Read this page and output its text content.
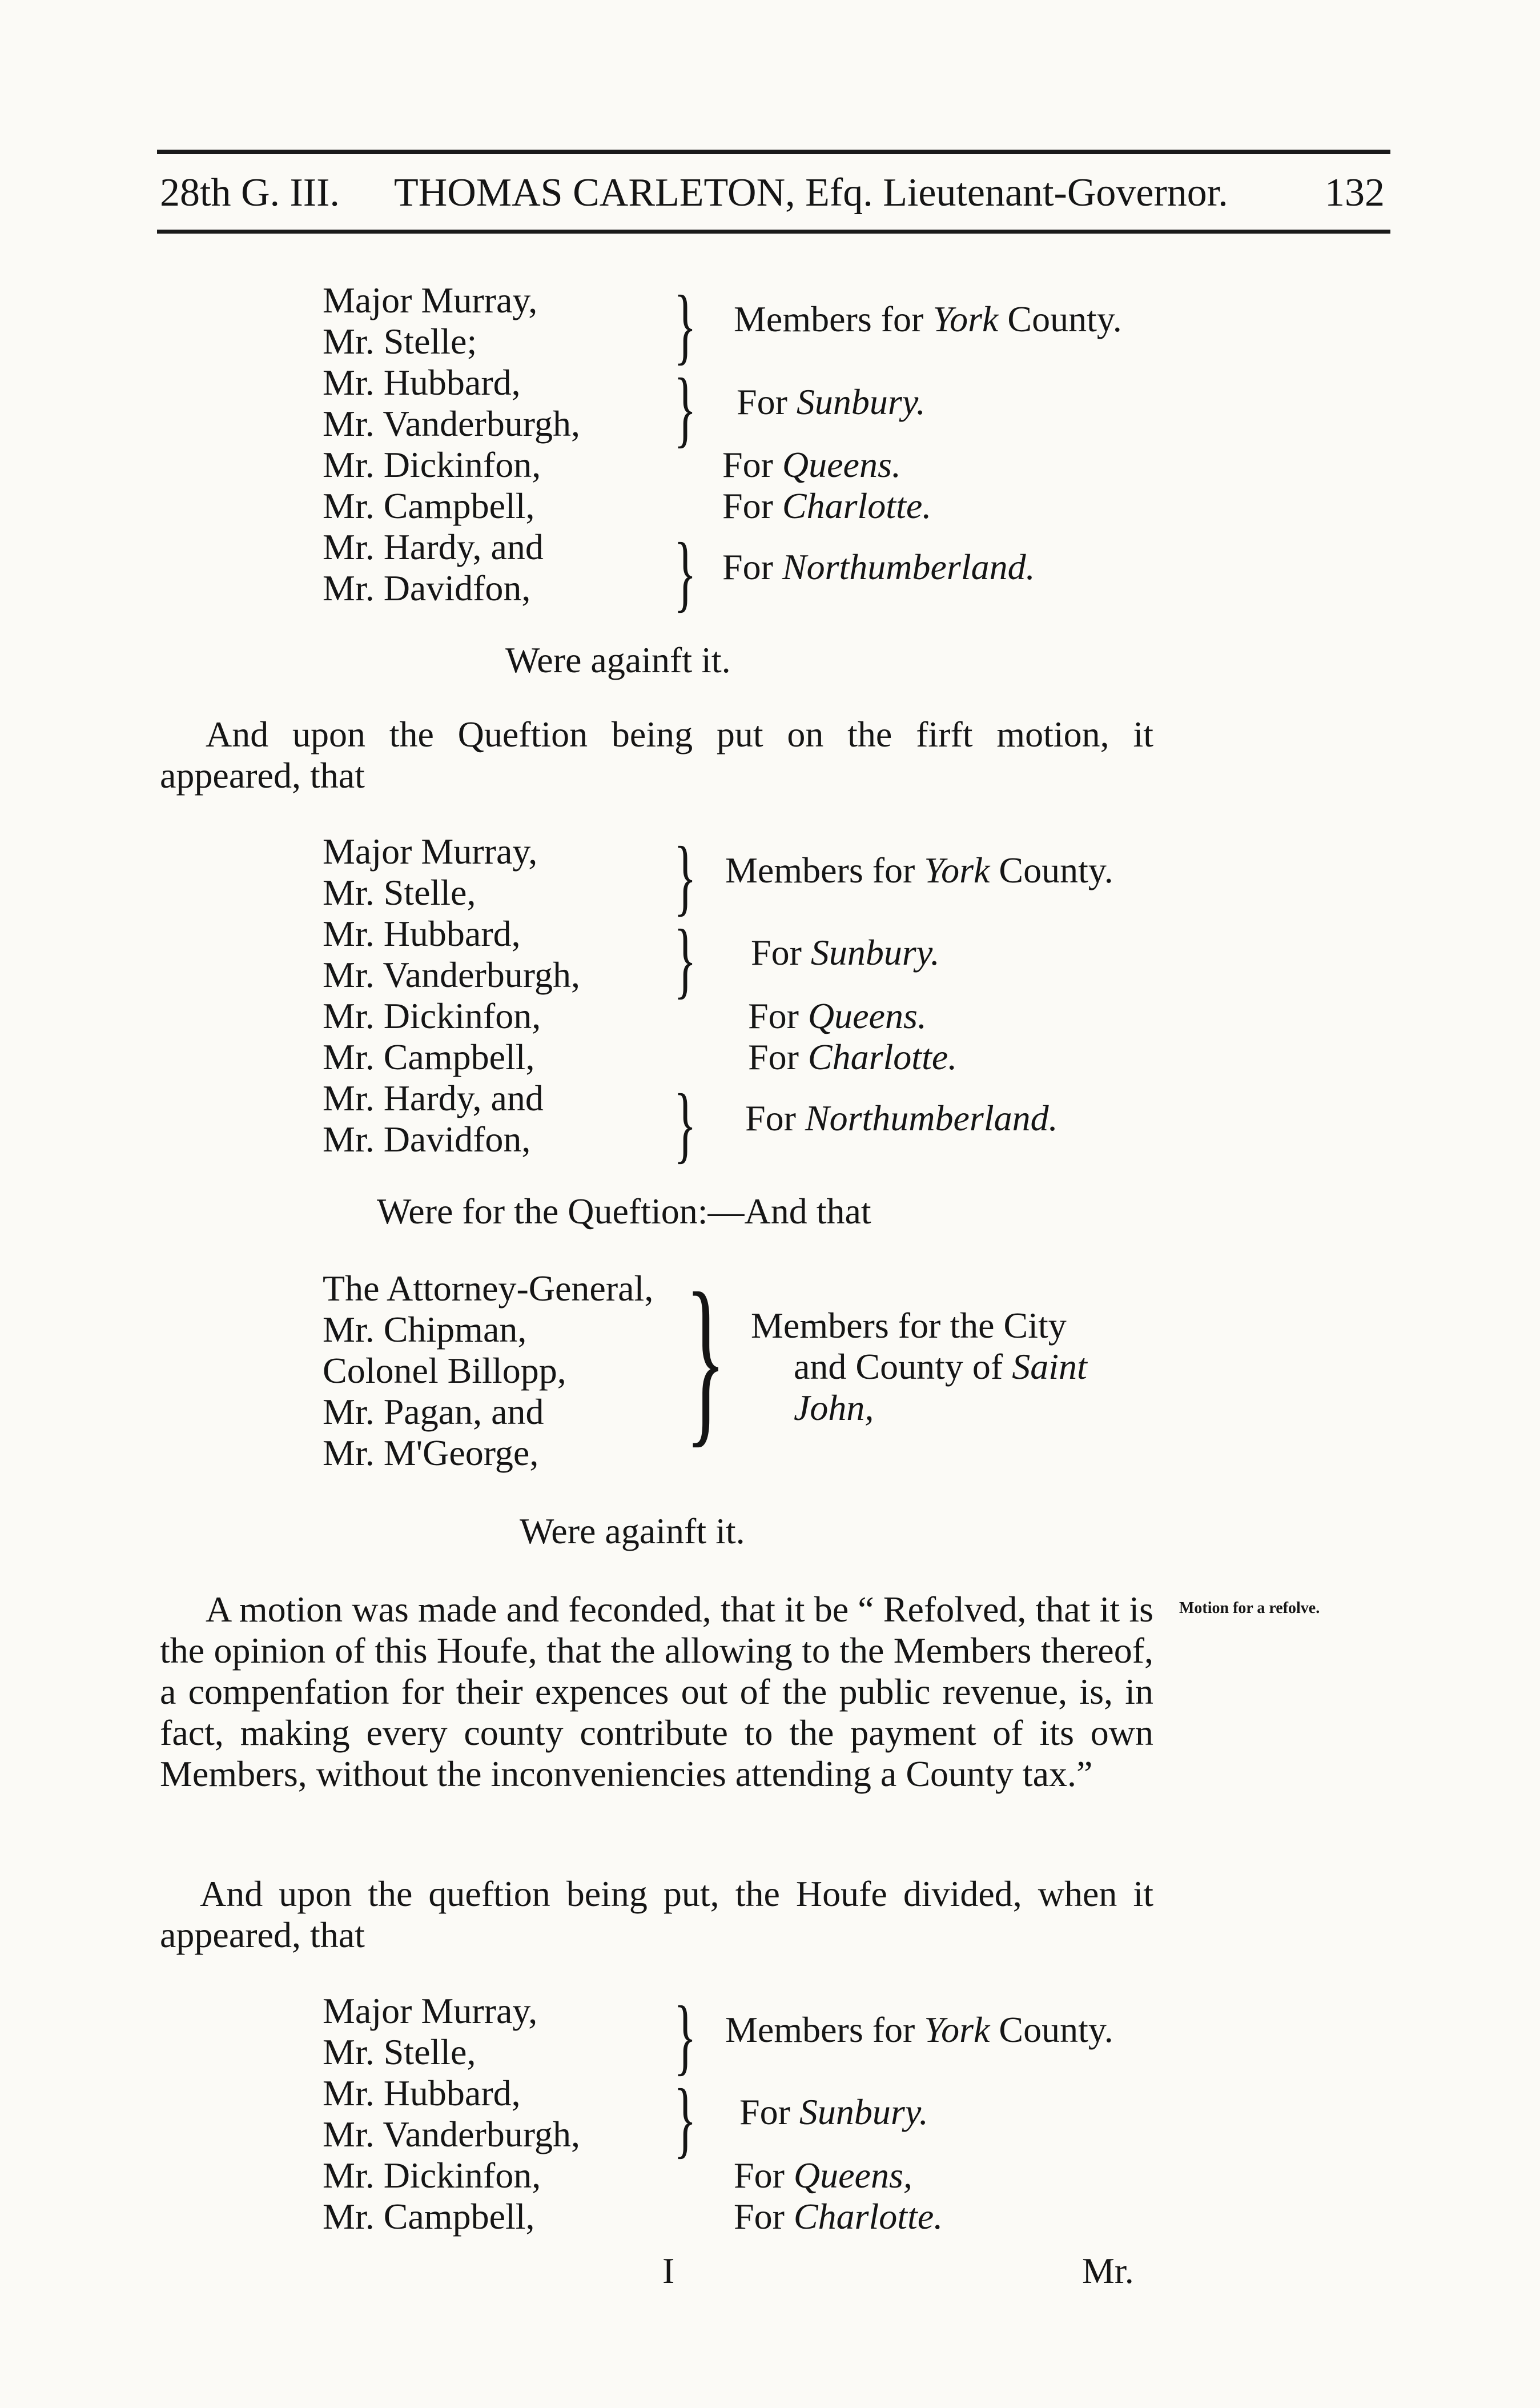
28th G. III. THOMAS CARLETON, Efq. Lieutenant-Governor. 132
Major Murray,
Mr. Stelle;
Mr. Hubbard,
Mr. Vanderburgh,
Mr. Dickinfon,
Mr. Campbell,
Mr. Hardy, and
Mr. Davidfon,
}
}
}
Members for York County.
For Sunbury.
For Queens.
For Charlotte.
For Northumberland.
Were againft it.
And upon the Queftion being put on the firft motion, it appeared, that
Major Murray,
Mr. Stelle,
Mr. Hubbard,
Mr. Vanderburgh,
Mr. Dickinfon,
Mr. Campbell,
Mr. Hardy, and
Mr. Davidfon,
}
}
}
Members for York County.
For Sunbury.
For Queens.
For Charlotte.
For Northumberland.
Were for the Queftion:—And that
The Attorney-General,
Mr. Chipman,
Colonel Billopp,
Mr. Pagan, and
Mr. M'George, } Members for the City
and County of Saint
John,
Were againft it.
Motion for a refolve.
A motion was made and feconded, that it be “ Refolved, that it is the opinion of this Houfe, that the allowing to the Members thereof, a compenfation for their expences out of the public revenue, is, in fact, making every county contribute to the payment of its own Members, without the inconveniencies attending a County tax.”
And upon the queftion being put, the Houfe divided, when it appeared, that
Major Murray,
Mr. Stelle,
Mr. Hubbard,
Mr. Vanderburgh,
Mr. Dickinfon,
Mr. Campbell,
}
}
Members for York County.
For Sunbury.
For Queens,
For Charlotte.
I	Mr.
